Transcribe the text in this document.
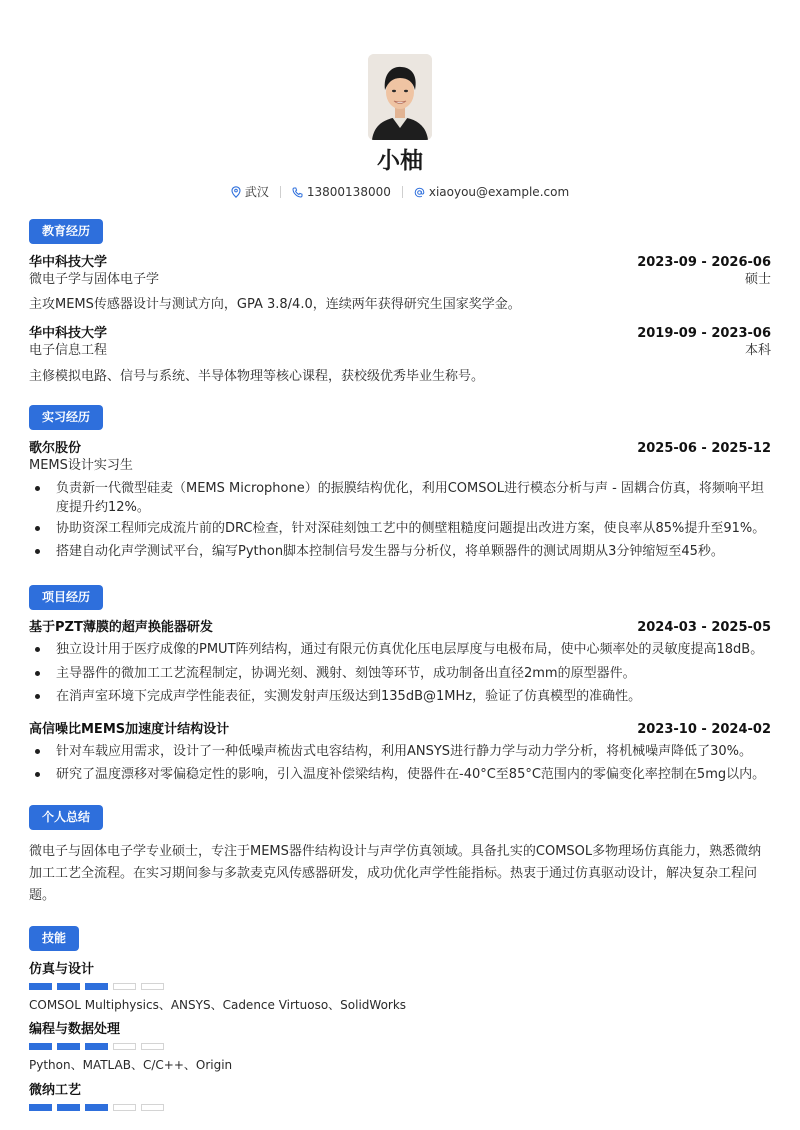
小柚
武汉	13800138000	xiaoyou@example.com
教育经历
华中科技大学	2023-09 - 2026-06
微电子学与固体电子学	硕士
主攻MEMS传感器设计与测试方向，GPA 3.8/4.0，连续两年获得研究生国家奖学金。
华中科技大学	2019-09 - 2023-06
电子信息工程	本科
主修模拟电路、信号与系统、半导体物理等核心课程，获校级优秀毕业生称号。
实习经历
歌尔股份	2025-06 - 2025-12
MEMS设计实习生
负责新一代微型硅麦（MEMS Microphone）的振膜结构优化，利用COMSOL进行模态分析与声 - 固耦合仿真，将频响平坦度提升约12%。
协助资深工程师完成流片前的DRC检查，针对深硅刻蚀工艺中的侧壁粗糙度问题提出改进方案，使良率从85%提升至91%。
搭建自动化声学测试平台，编写Python脚本控制信号发生器与分析仪，将单颗器件的测试周期从3分钟缩短至45秒。
项目经历
基于PZT薄膜的超声换能器研发	2024-03 - 2025-05
独立设计用于医疗成像的PMUT阵列结构，通过有限元仿真优化压电层厚度与电极布局，使中心频率处的灵敏度提高18dB。
主导器件的微加工工艺流程制定，协调光刻、溅射、刻蚀等环节，成功制备出直径2mm的原型器件。
在消声室环境下完成声学性能表征，实测发射声压级达到135dB@1MHz，验证了仿真模型的准确性。
高信噪比MEMS加速度计结构设计	2023-10 - 2024-02
针对车载应用需求，设计了一种低噪声梳齿式电容结构，利用ANSYS进行静力学与动力学分析，将机械噪声降低了30%。
研究了温度漂移对零偏稳定性的影响，引入温度补偿梁结构，使器件在-40°C至85°C范围内的零偏变化率控制在5mg以内。
个人总结
微电子与固体电子学专业硕士，专注于MEMS器件结构设计与声学仿真领域。具备扎实的COMSOL多物理场仿真能力，熟悉微纳加工工艺全流程。在实习期间参与多款麦克风传感器研发，成功优化声学性能指标。热衷于通过仿真驱动设计，解决复杂工程问题。
技能
仿真与设计
COMSOL Multiphysics、ANSYS、Cadence Virtuoso、SolidWorks
编程与数据处理
Python、MATLAB、C/C++、Origin
微纳工艺
